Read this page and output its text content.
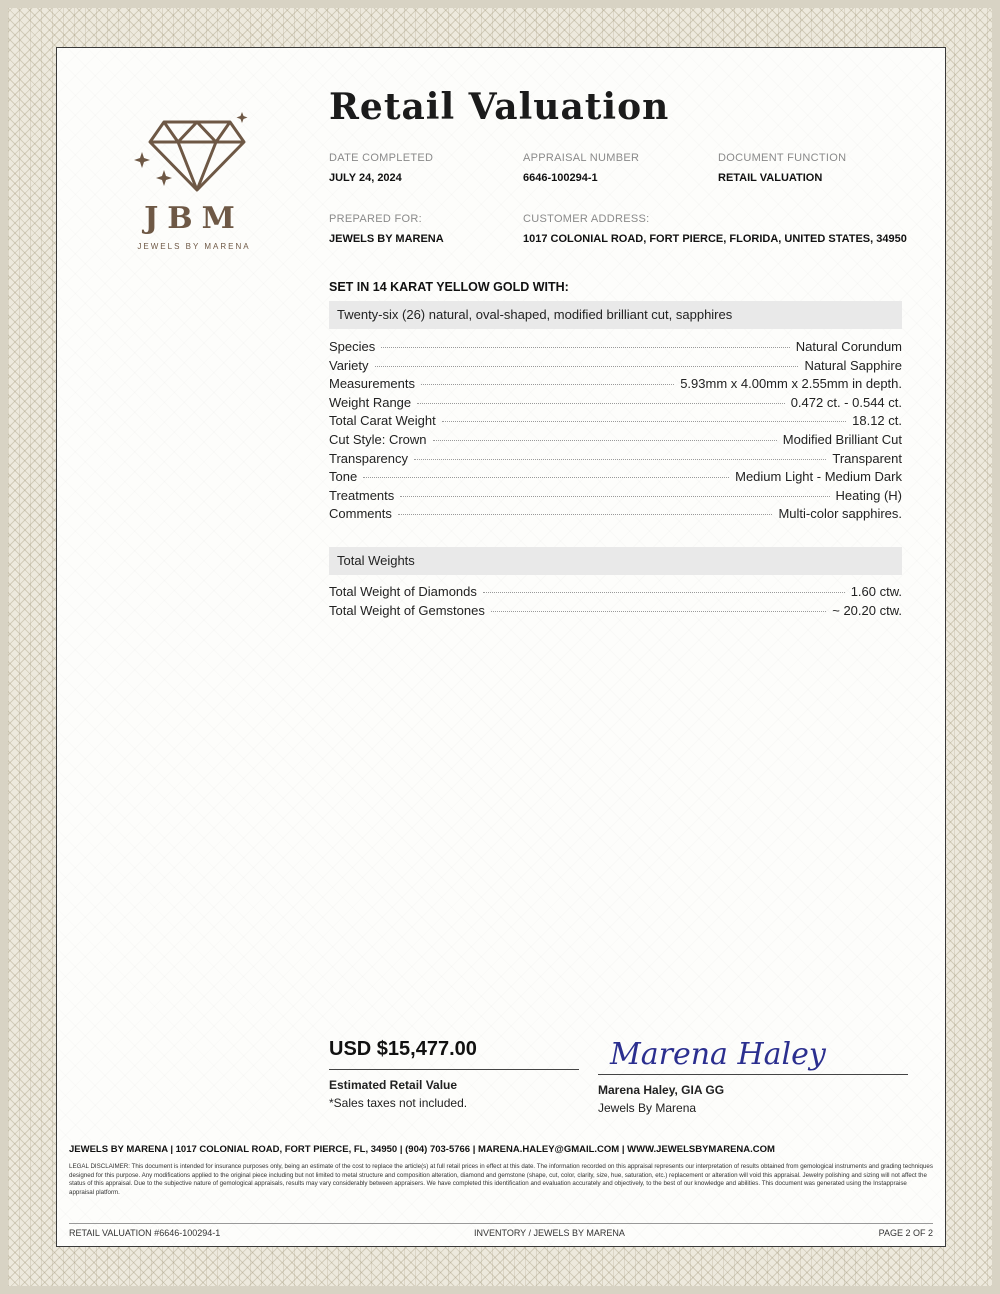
JBM
JEWELS BY MARENA
Retail Valuation
DATE COMPLETED
JULY 24, 2024
APPRAISAL NUMBER
6646-100294-1
DOCUMENT FUNCTION
RETAIL VALUATION
PREPARED FOR:
JEWELS BY MARENA
CUSTOMER ADDRESS:
1017 COLONIAL ROAD, FORT PIERCE, FLORIDA, UNITED STATES, 34950
SET IN 14 KARAT YELLOW GOLD WITH:
Twenty-six (26) natural, oval-shaped, modified brilliant cut, sapphires
Species	Natural Corundum
Variety	Natural Sapphire
Measurements	5.93mm x 4.00mm x 2.55mm in depth.
Weight Range	0.472 ct. - 0.544 ct.
Total Carat Weight	18.12 ct.
Cut Style: Crown	Modified Brilliant Cut
Transparency	Transparent
Tone	Medium Light - Medium Dark
Treatments	Heating (H)
Comments	Multi-color sapphires.
Total Weights
Total Weight of Diamonds	1.60 ctw.
Total Weight of Gemstones	~ 20.20 ctw.
USD $15,477.00
Estimated Retail Value
*Sales taxes not included.
Marena Haley
Marena Haley, GIA GG
Jewels By Marena
JEWELS BY MARENA | 1017 COLONIAL ROAD, FORT PIERCE, FL, 34950 | (904) 703-5766 | MARENA.HALEY@GMAIL.COM | WWW.JEWELSBYMARENA.COM
LEGAL DISCLAIMER: This document is intended for insurance purposes only, being an estimate of the cost to replace the article(s) at full retail prices in effect at this date. The information recorded on this appraisal represents our interpretation of results obtained from gemological instruments and grading techniques designed for this purpose. Any modifications applied to the original piece including but not limited to metal structure and composition alteration, diamond and gemstone (shape, cut, color, clarity, size, hue, saturation, etc.) replacement or alteration will void this appraisal. Jewelry polishing and sizing will not affect the status of this appraisal. Due to the subjective nature of gemological appraisals, results may vary considerably between appraisers. We have completed this identification and evaluation accurately and objectively, to the best of our knowledge and abilities. This document was generated using the Instappraise appraisal platform.
RETAIL VALUATION #6646-100294-1	INVENTORY / JEWELS BY MARENA	PAGE 2 OF 2
